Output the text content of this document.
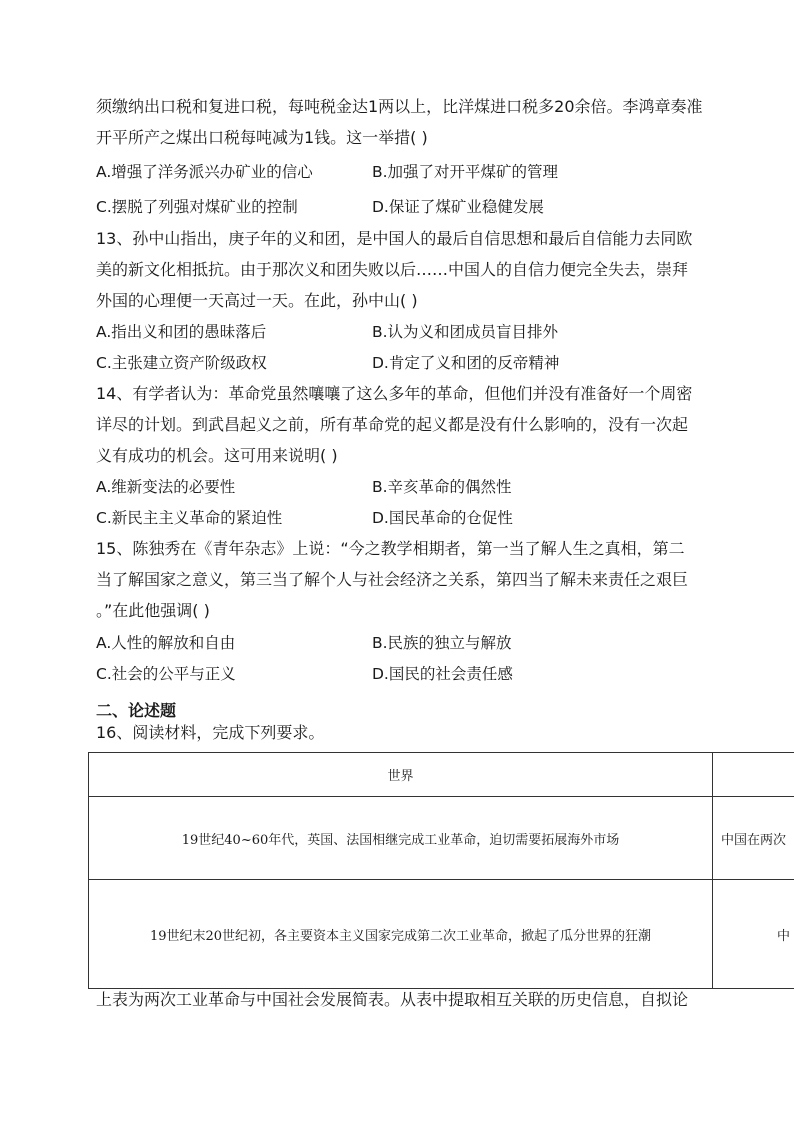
须缴纳出口税和复进口税，每吨税金达1两以上，比洋煤进口税多20余倍。李鸿章奏准
开平所产之煤出口税每吨减为1钱。这一举措( )
A.增强了洋务派兴办矿业的信心	B.加强了对开平煤矿的管理
C.摆脱了列强对煤矿业的控制	D.保证了煤矿业稳健发展
13、孙中山指出，庚子年的义和团，是中国人的最后自信思想和最后自信能力去同欧
美的新文化相抵抗。由于那次义和团失败以后……中国人的自信力便完全失去，崇拜
外国的心理便一天高过一天。在此，孙中山( )
A.指出义和团的愚昧落后	B.认为义和团成员盲目排外
C.主张建立资产阶级政权	D.肯定了义和团的反帝精神
14、有学者认为：革命党虽然嚷嚷了这么多年的革命，但他们并没有准备好一个周密
详尽的计划。到武昌起义之前，所有革命党的起义都是没有什么影响的，没有一次起
义有成功的机会。这可用来说明( )
A.维新变法的必要性	B.辛亥革命的偶然性
C.新民主主义革命的紧迫性	D.国民革命的仓促性
15、陈独秀在《青年杂志》上说：“今之教学相期者，第一当了解人生之真相，第二
当了解国家之意义，第三当了解个人与社会经济之关系，第四当了解未来责任之艰巨
。”在此他强调( )
A.人性的解放和自由	B.民族的独立与解放
C.社会的公平与正义	D.国民的社会责任感
二、论述题
16、阅读材料，完成下列要求。
世界	
19世纪40~60年代，英国、法国相继完成工业革命，迫切需要拓展海外市场	中国在两次
19世纪末20世纪初，各主要资本主义国家完成第二次工业革命，掀起了瓜分世界的狂潮	中
上表为两次工业革命与中国社会发展简表。从表中提取相互关联的历史信息，自拟论
